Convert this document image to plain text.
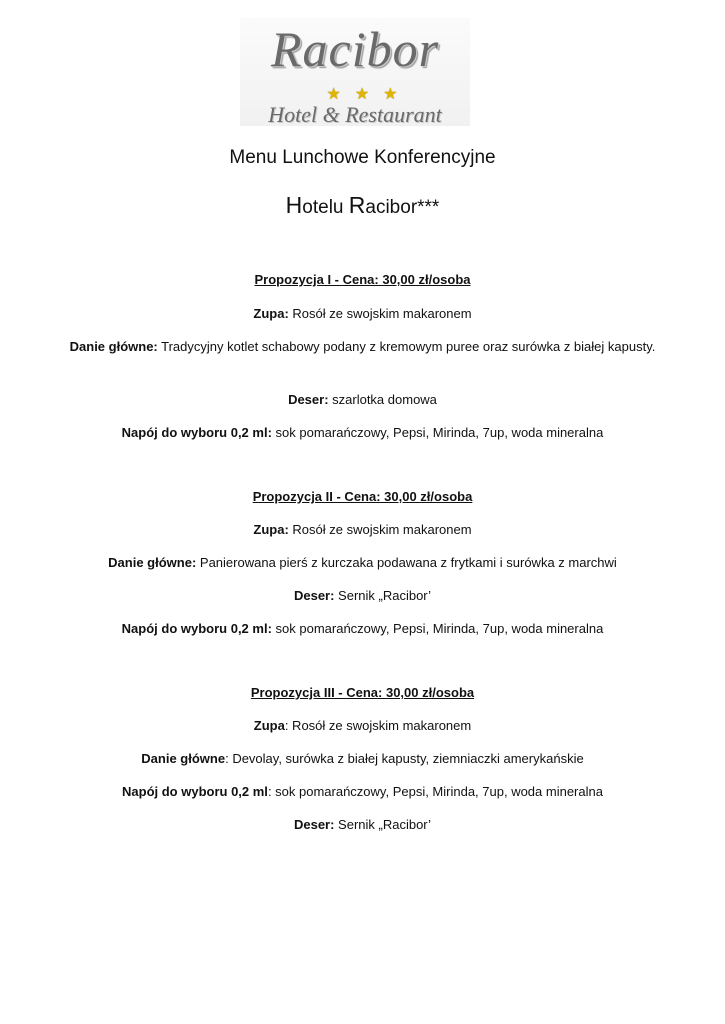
Racibor
★★★
Hotel & Restaurant
Menu Lunchowe Konferencyjne
Hotelu Racibor***
Propozycja I - Cena: 30,00 zł/osoba
Zupa: Rosół ze swojskim makaronem
Danie główne: Tradycyjny kotlet schabowy podany z kremowym puree oraz surówka z białej kapusty.
Deser: szarlotka domowa
Napój do wyboru 0,2 ml: sok pomarańczowy, Pepsi, Mirinda, 7up, woda mineralna
Propozycja II - Cena: 30,00 zł/osoba
Zupa: Rosół ze swojskim makaronem
Danie główne: Panierowana pierś z kurczaka podawana z frytkami i surówka z marchwi
Deser: Sernik „Racibor’
Napój do wyboru 0,2 ml: sok pomarańczowy, Pepsi, Mirinda, 7up, woda mineralna
Propozycja III - Cena: 30,00 zł/osoba
Zupa: Rosół ze swojskim makaronem
Danie główne: Devolay, surówka z białej kapusty, ziemniaczki amerykańskie
Napój do wyboru 0,2 ml: sok pomarańczowy, Pepsi, Mirinda, 7up, woda mineralna
Deser: Sernik „Racibor’
